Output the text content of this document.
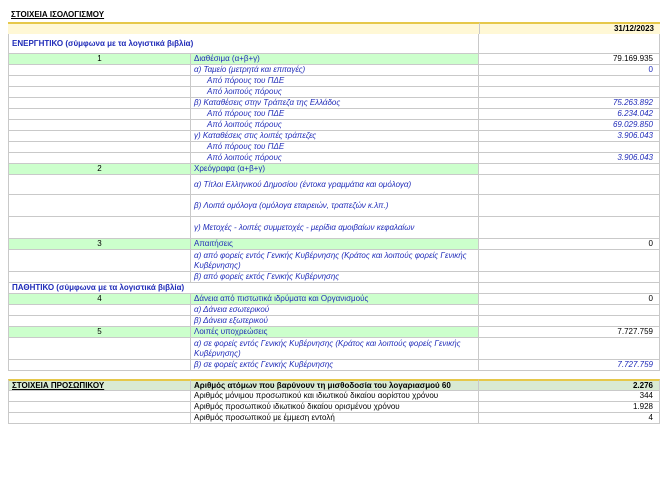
ΣΤΟΙΧΕΙΑ ΙΣΟΛΟΓΙΣΜΟΥ
31/12/2023
ΕΝΕΡΓΗΤΙΚΟ (σύμφωνα με τα λογιστικά βιβλία)
1	Διαθέσιμα (α+β+γ)	79.169.935
α) Ταμείο (μετρητά και επιταγές)	0
Από πόρους του ΠΔΕ
Από λοιπούς πόρους
β) Καταθέσεις στην Τράπεζα της Ελλάδος	75.263.892
Από πόρους του ΠΔΕ	6.234.042
Από λοιπούς πόρους	69.029.850
γ) Καταθέσεις στις λοιπές τράπεζες	3.906.043
Από πόρους του ΠΔΕ
Από λοιπούς πόρους	3.906.043
2	Χρεόγραφα (α+β+γ)
α) Τίτλοι Ελληνικού Δημοσίου (έντοκα γραμμάτια και ομόλογα)
β) Λοιπά ομόλογα (ομόλογα εταιρειών, τραπεζών κ.λπ.)
γ) Μετοχές - λοιπές συμμετοχές - μερίδια αμοιβαίων κεφαλαίων
3	Απαιτήσεις	0
α) από φορείς εντός Γενικής Κυβέρνησης (Κράτος και λοιπούς φορείς Γενικής Κυβέρνησης)
β) από φορείς εκτός Γενικής Κυβέρνησης
ΠΑΘΗΤΙΚΟ (σύμφωνα με τα λογιστικά βιβλία)
4	Δάνεια από πιστωτικά ιδρύματα και Οργανισμούς	0
α) Δάνεια εσωτερικού
β) Δάνεια εξωτερικού
5	Λοιπές υποχρεώσεις	7.727.759
α) σε φορείς εντός Γενικής Κυβέρνησης (Κράτος και λοιπούς φορείς Γενικής Κυβέρνησης)
β) σε φορείς εκτός Γενικής Κυβέρνησης	7.727.759
ΣΤΟΙΧΕΙΑ ΠΡΟΣΩΠΙΚΟΥ	Αριθμός ατόμων που βαρύνουν τη μισθοδοσία του λογαριασμού 60	2.276
Αριθμός μόνιμου προσωπικού και ιδιωτικού δικαίου αορίστου χρόνου	344
Αριθμός προσωπικού ιδιωτικού δικαίου ορισμένου χρόνου	1.928
Αριθμός προσωπικού με έμμεση εντολή	4
